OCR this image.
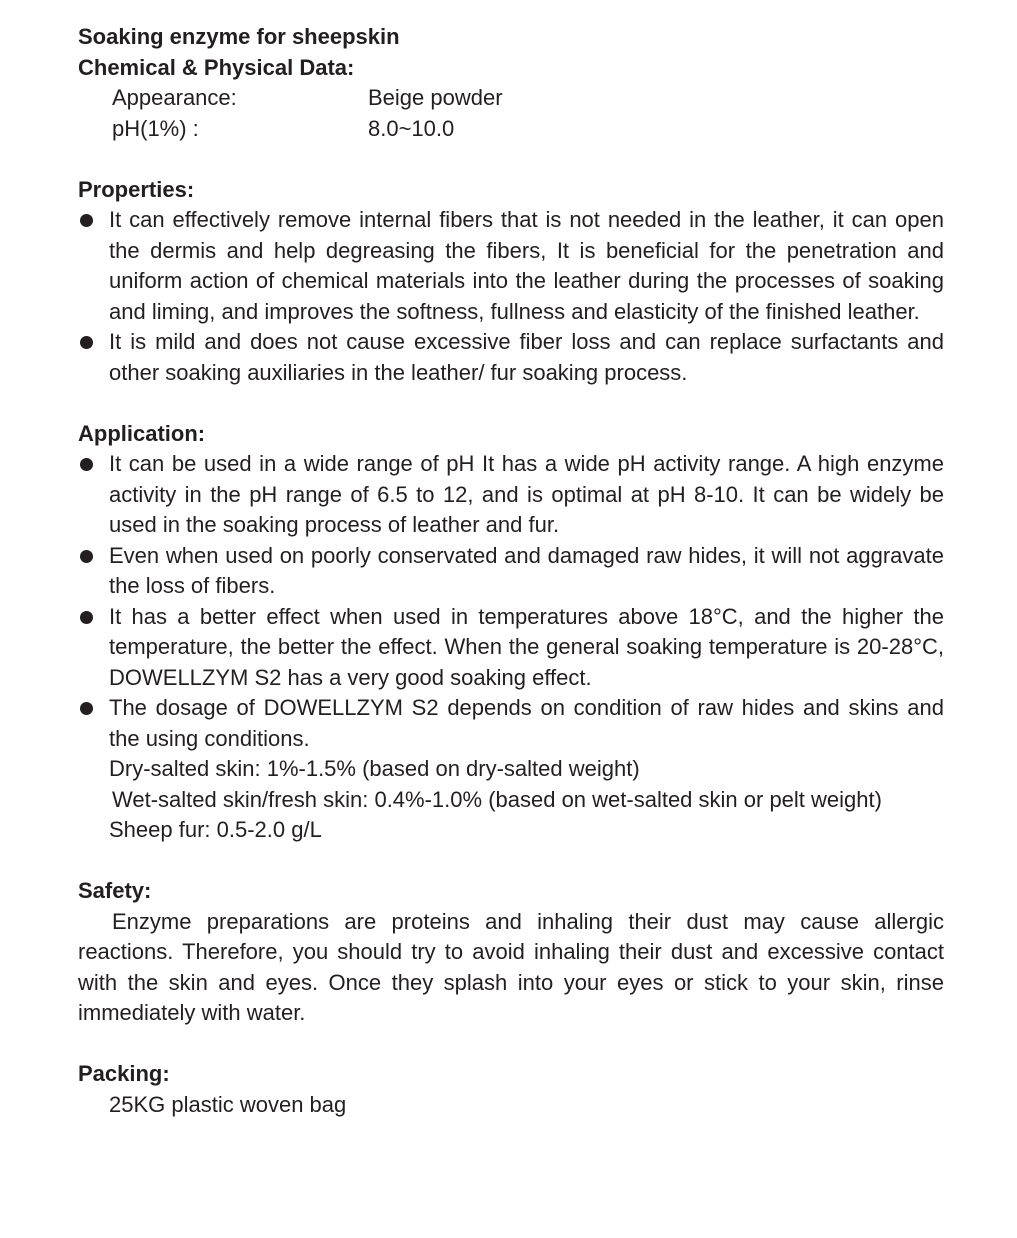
Soaking enzyme for sheepskin
Chemical & Physical Data:
Appearance:	Beige powder
pH(1%) :	8.0~10.0
Properties:
It can effectively remove internal fibers that is not needed in the leather, it can open the dermis and help degreasing the fibers, It is beneficial for the penetration and uniform action of chemical materials into the leather during the processes of soaking and liming, and improves the softness, fullness and elasticity of the finished leather.
It is mild and does not cause excessive fiber loss and can replace surfactants and other soaking auxiliaries in the leather/ fur soaking process.
Application:
It can be used in a wide range of pH It has a wide pH activity range. A high enzyme activity in the pH range of 6.5 to 12, and is optimal at pH 8-10. It can be widely be used in the soaking process of leather and fur.
Even when used on poorly conservated and damaged raw hides, it will not aggravate the loss of fibers.
It has a better effect when used in temperatures above 18°C, and the higher the temperature, the better the effect. When the general soaking temperature is 20-28°C, DOWELLZYM S2 has a very good soaking effect.
The dosage of DOWELLZYM S2 depends on condition of raw hides and skins and the using conditions.
Dry-salted skin: 1%-1.5% (based on dry-salted weight)
Wet-salted skin/fresh skin: 0.4%-1.0% (based on wet-salted skin or pelt weight)
Sheep fur: 0.5-2.0 g/L
Safety:
Enzyme preparations are proteins and inhaling their dust may cause allergic reactions. Therefore, you should try to avoid inhaling their dust and excessive contact with the skin and eyes. Once they splash into your eyes or stick to your skin, rinse immediately with water.
Packing:
25KG plastic woven bag
